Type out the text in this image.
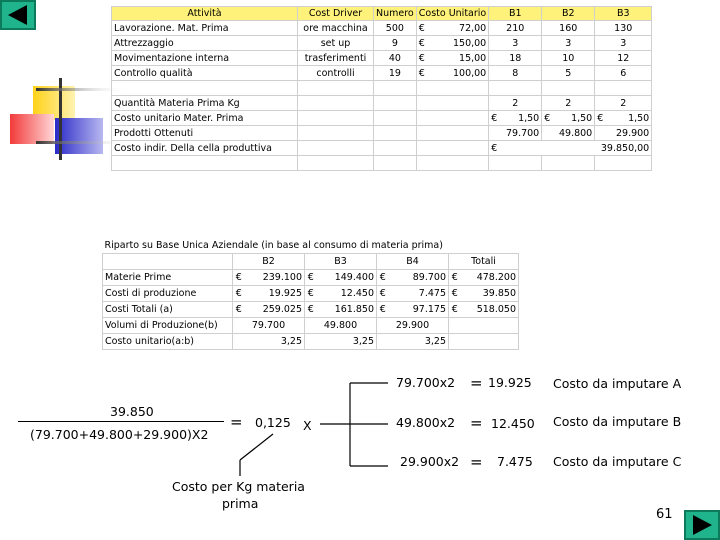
Attività	Cost Driver	Numero	Costo Unitario	B1	B2	B3
Lavorazione. Mat. Prima	ore macchina	500	€ 72,00	210	160	130
Attrezzaggio	set up	9	€ 150,00	3	3	3
Movimentazione interna	trasferimenti	40	€ 15,00	18	10	12
Controllo qualità	controlli	19	€ 100,00	8	5	6

Quantità Materia Prima Kg				2	2	2
Costo unitario Mater. Prima				€ 1,50	€ 1,50	€ 1,50

Prodotti Ottenuti				79.700	49.800	29.900
Costo indir. Della cella produttiva				€ 39.850,00		

Riparto su Base Unica Aziendale (in base al consumo di materia prima)								
	B2		B3		B4		Totali	
Materie Prime	€	239.100	€	149.400	€	89.700	€	478.200
Costi di produzione	€	19.925	€	12.450	€	7.475	€	39.850
Costi Totali (a)	€	259.025	€	161.850	€	97.175	€	518.050
Volumi di Produzione(b)	79.700		49.800		29.900			
Costo unitario(a:b)	3,25		3,25		3,25			
39.850
(79.700+49.800+29.900)X2
= 0,125 X
79.700x2 = 19.925 Costo da imputare A
49.800x2 = 12.450 Costo da imputare B
29.900x2 = 7.475 Costo da imputare C
Costo per Kg materia
prima
61
